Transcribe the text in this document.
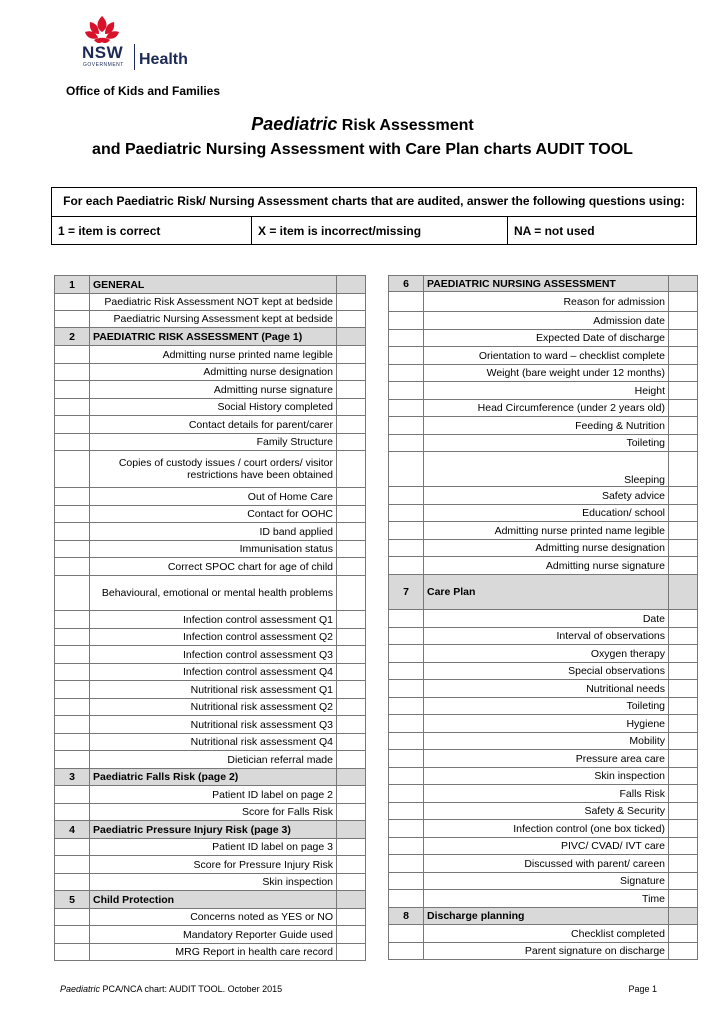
NSW
GOVERNMENT Health
Office of Kids and Families
Paediatric Risk Assessment
and Paediatric Nursing Assessment with Care Plan charts AUDIT TOOL
For each Paediatric Risk/ Nursing Assessment charts that are audited, answer the following questions using:
1 = item is correct	X = item is incorrect/missing	NA = not used
1	GENERAL	
	Paediatric Risk Assessment NOT kept at bedside	
	Paediatric Nursing Assessment kept at bedside	
2	PAEDIATRIC RISK ASSESSMENT (Page 1)	
	Admitting nurse printed name legible	
	Admitting nurse designation	
	Admitting nurse signature	
	Social History completed	
	Contact details for parent/carer	
	Family Structure	
	Copies of custody issues / court orders/ visitor restrictions have been obtained	
	Out of Home Care	
	Contact for OOHC	
	ID band applied	
	Immunisation status	
	Correct SPOC chart for age of child	
	Behavioural, emotional or mental health problems	
	Infection control assessment Q1	
	Infection control assessment Q2	
	Infection control assessment Q3	
	Infection control assessment Q4	
	Nutritional risk assessment Q1	
	Nutritional risk assessment Q2	
	Nutritional risk assessment Q3	
	Nutritional risk assessment Q4	
	Dietician referral made	
3	Paediatric Falls Risk (page 2)	
	Patient ID label on page 2	
	Score for Falls Risk	
4	Paediatric Pressure Injury Risk (page 3)	
	Patient ID label on page 3	
	Score for Pressure Injury Risk	
	Skin inspection	
5	Child Protection	
	Concerns noted as YES or NO	
	Mandatory Reporter Guide used	
	MRG Report in health care record	
6	PAEDIATRIC NURSING ASSESSMENT	
	Reason for admission	
	Admission date	
	Expected Date of discharge	
	Orientation to ward – checklist complete	
	Weight (bare weight under 12 months)	
	Height	
	Head Circumference (under 2 years old)	
	Feeding & Nutrition	
	Toileting	
	Sleeping	
	Safety advice	
	Education/ school	
	Admitting nurse printed name legible	
	Admitting nurse designation	
	Admitting nurse signature	
7	Care Plan	
	Date	
	Interval of observations	
	Oxygen therapy	
	Special observations	
	Nutritional needs	
	Toileting	
	Hygiene	
	Mobility	
	Pressure area care	
	Skin inspection	
	Falls Risk	
	Safety & Security	
	Infection control (one box ticked)	
	PIVC/ CVAD/ IVT care	
	Discussed with parent/ careen	
	Signature	
	Time	
8	Discharge planning	
	Checklist completed	
	Parent signature on discharge	
Paediatric PCA/NCA chart: AUDIT TOOL. October 2015	Page 1
